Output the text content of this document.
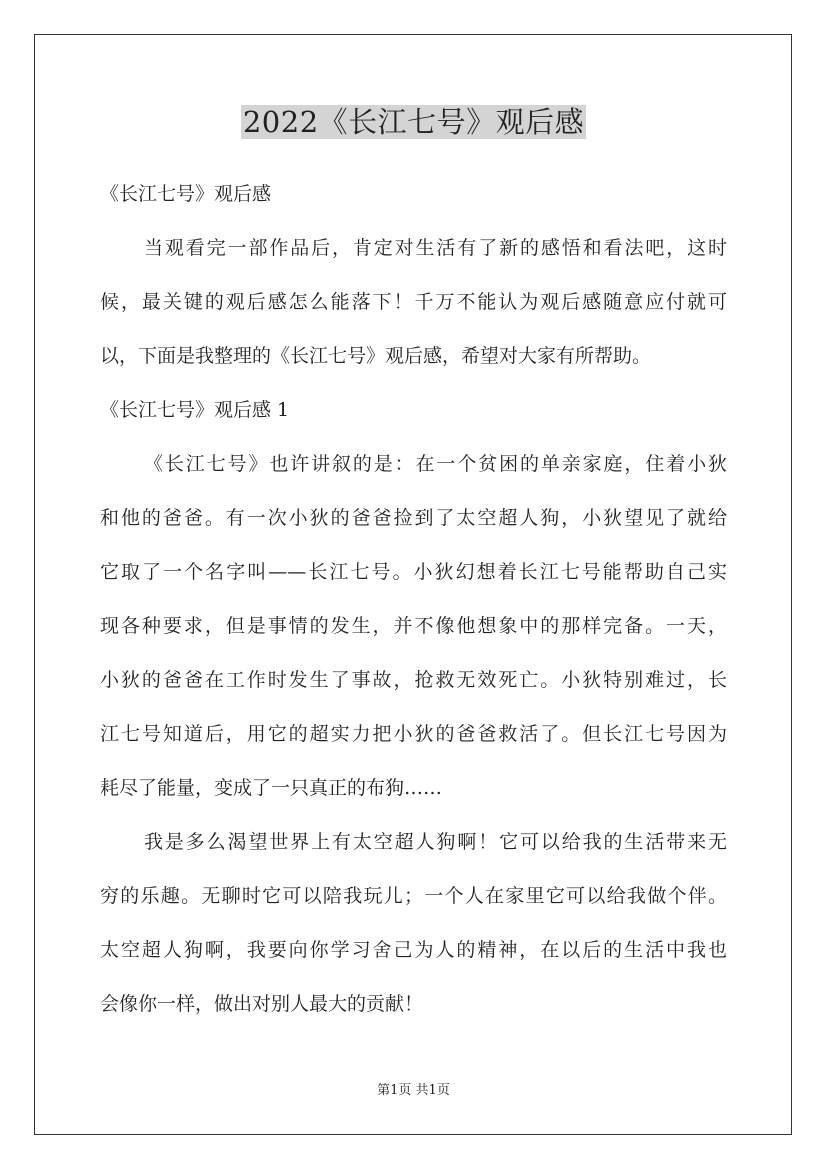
2022《长江七号》观后感
《长江七号》观后感
当观看完一部作品后，肯定对生活有了新的感悟和看法吧，这时
候，最关键的观后感怎么能落下！千万不能认为观后感随意应付就可
以，下面是我整理的《长江七号》观后感，希望对大家有所帮助。
《长江七号》观后感 1
《长江七号》也许讲叙的是：在一个贫困的单亲家庭，住着小狄
和他的爸爸。有一次小狄的爸爸捡到了太空超人狗，小狄望见了就给
它取了一个名字叫——长江七号。小狄幻想着长江七号能帮助自己实
现各种要求，但是事情的发生，并不像他想象中的那样完备。一天，
小狄的爸爸在工作时发生了事故，抢救无效死亡。小狄特别难过，长
江七号知道后，用它的超实力把小狄的爸爸救活了。但长江七号因为
耗尽了能量，变成了一只真正的布狗……
我是多么渴望世界上有太空超人狗啊！它可以给我的生活带来无
穷的乐趣。无聊时它可以陪我玩儿；一个人在家里它可以给我做个伴。
太空超人狗啊，我要向你学习舍己为人的精神，在以后的生活中我也
会像你一样，做出对别人最大的贡献！
第1页 共1页
